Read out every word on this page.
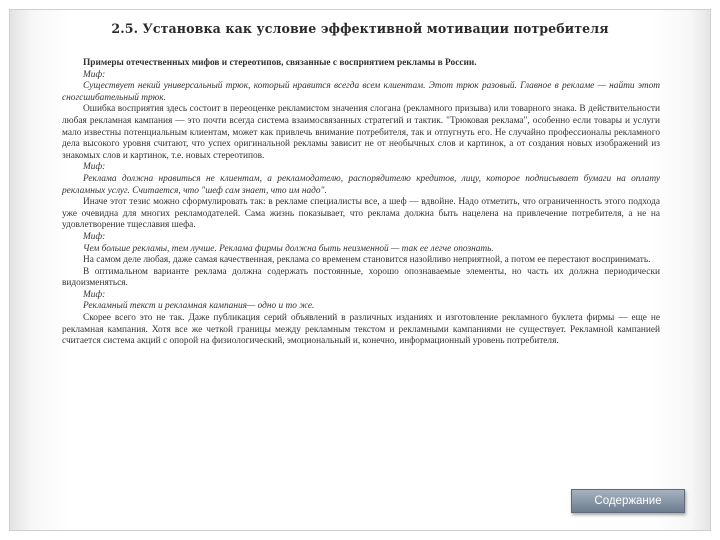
2.5. Установка как условие эффективной мотивации потребителя

Примеры отечественных мифов и стереотипов, связанные с восприятием рекламы в России.

Миф:

Существует некий универсальный трюк, который нравится всегда всем клиентам. Этот трюк разовый. Главное в рекламе — найти этот сногсшибательный трюк.

Ошибка восприятия здесь состоит в переоценке рекламистом значения слогана (рекламного призыва) или товарного знака. В действительности любая рекламная кампания — это почти всегда система взаимосвязанных стратегий и тактик. "Трюковая реклама", особенно если товары и услуги мало известны потенциальным клиентам, может как привлечь внимание потребителя, так и отпугнуть его. Не случайно профессионалы рекламного дела высокого уровня считают, что успех оригинальной рекламы зависит не от необычных слов и картинок, а от создания новых изображений из знакомых слов и картинок, т.е. новых стереотипов.

Миф:

Реклама должна нравиться не клиентам, а рекламодателю, распорядителю кредитов, лицу, которое подписывает бумаги на оплату рекламных услуг. Считается, что "шеф сам знает, что им надо".

Иначе этот тезис можно сформулировать так: в рекламе специалисты все, а шеф — вдвойне. Надо отметить, что ограниченность этого подхода уже очевидна для многих рекламодателей. Сама жизнь показывает, что реклама должна быть нацелена на привлечение потребителя, а не на удовлетворение тщеславия шефа.

Миф:

Чем больше рекламы, тем лучше. Реклама фирмы должна быть неизменной — так ее легче опознать.

На самом деле любая, даже самая качественная, реклама со временем становится назойливо неприятной, а потом ее перестают воспринимать.

В оптимальном варианте реклама должна содержать постоянные, хорошо опознаваемые элементы, но часть их должна периодически видоизменяться.

Миф:

Рекламный текст и рекламная кампания— одно и то же.

Скорее всего это не так. Даже публикация серий объявлений в различных изданиях и изготовление рекламного буклета фирмы — еще не рекламная кампания. Хотя все же четкой границы между рекламным текстом и рекламными кампаниями не существует. Рекламной кампанией считается система акций с опорой на физиологический, эмоциональный и, конечно, информационный уровень потребителя.

Содержание
